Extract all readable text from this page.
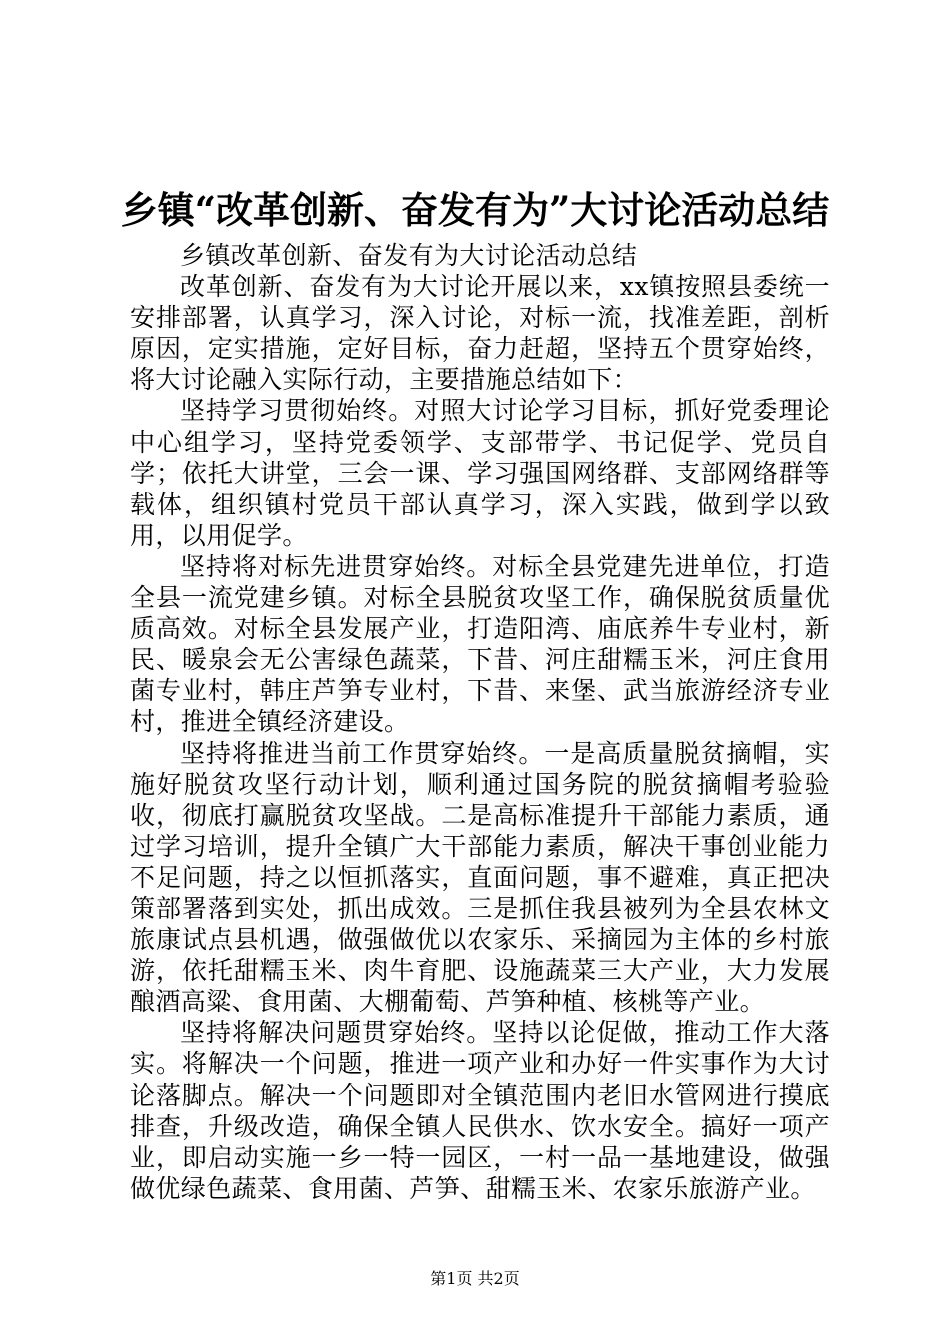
乡镇“改革创新、奋发有为”大讨论活动总结

乡镇改革创新、奋发有为大讨论活动总结

改革创新、奋发有为大讨论开展以来，xx镇按照县委统一安排部署，认真学习，深入讨论，对标一流，找准差距，剖析原因，定实措施，定好目标，奋力赶超，坚持五个贯穿始终，将大讨论融入实际行动，主要措施总结如下：

坚持学习贯彻始终。对照大讨论学习目标，抓好党委理论中心组学习，坚持党委领学、支部带学、书记促学、党员自学；依托大讲堂，三会一课、学习强国网络群、支部网络群等载体，组织镇村党员干部认真学习，深入实践，做到学以致用，以用促学。

坚持将对标先进贯穿始终。对标全县党建先进单位，打造全县一流党建乡镇。对标全县脱贫攻坚工作，确保脱贫质量优质高效。对标全县发展产业，打造阳湾、庙底养牛专业村，新民、暖泉会无公害绿色蔬菜，下昔、河庄甜糯玉米，河庄食用菌专业村，韩庄芦笋专业村，下昔、来堡、武当旅游经济专业村，推进全镇经济建设。

坚持将推进当前工作贯穿始终。一是高质量脱贫摘帽，实施好脱贫攻坚行动计划，顺利通过国务院的脱贫摘帽考验验收，彻底打赢脱贫攻坚战。二是高标准提升干部能力素质，通过学习培训，提升全镇广大干部能力素质，解决干事创业能力不足问题，持之以恒抓落实，直面问题，事不避难，真正把决策部署落到实处，抓出成效。三是抓住我县被列为全县农林文旅康试点县机遇，做强做优以农家乐、采摘园为主体的乡村旅游，依托甜糯玉米、肉牛育肥、设施蔬菜三大产业，大力发展酿酒高粱、食用菌、大棚葡萄、芦笋种植、核桃等产业。

坚持将解决问题贯穿始终。坚持以论促做，推动工作大落实。将解决一个问题，推进一项产业和办好一件实事作为大讨论落脚点。解决一个问题即对全镇范围内老旧水管网进行摸底排查，升级改造，确保全镇人民供水、饮水安全。搞好一项产业，即启动实施一乡一特一园区，一村一品一基地建设，做强做优绿色蔬菜、食用菌、芦笋、甜糯玉米、农家乐旅游产业。

第1页 共2页
